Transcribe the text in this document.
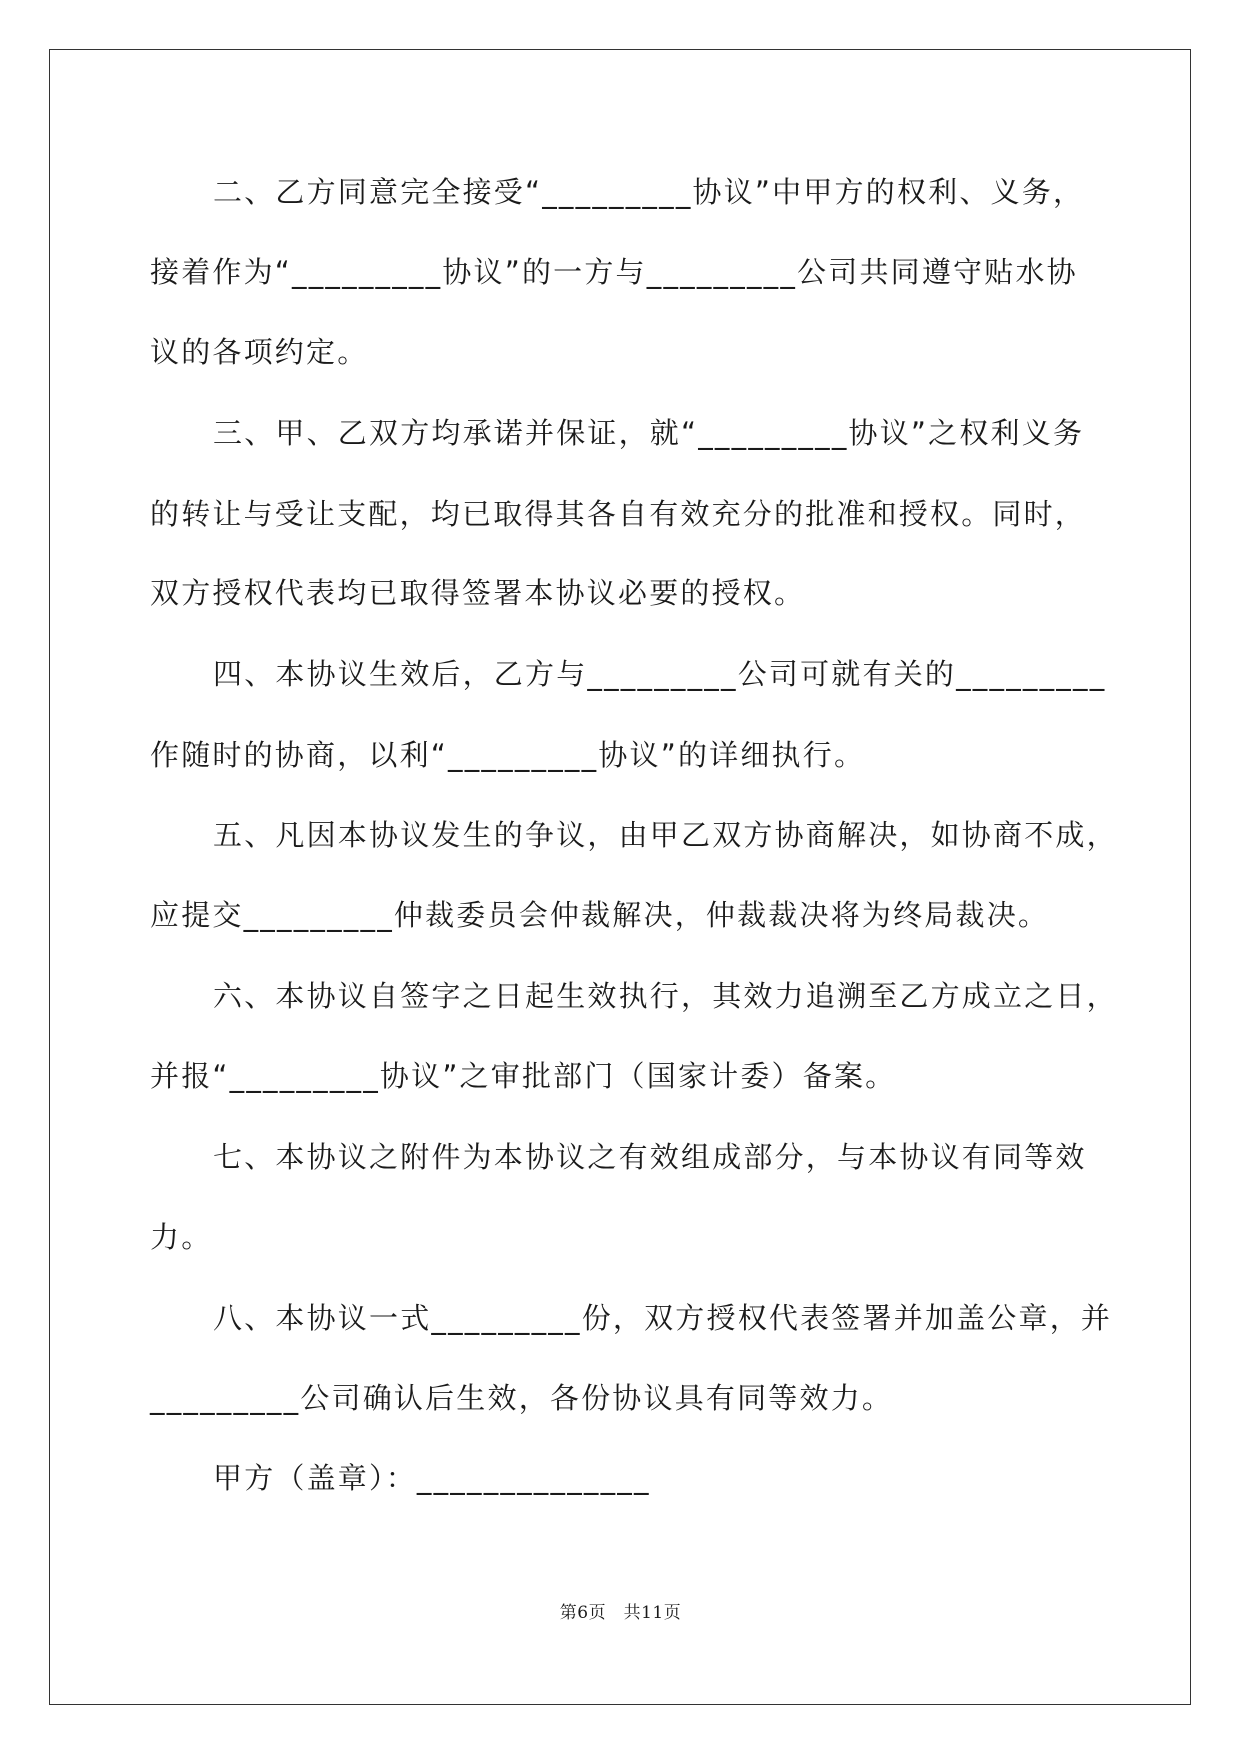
二、乙方同意完全接受“_________协议”中甲方的权利、义务，
接着作为“_________协议”的一方与_________公司共同遵守贴水协
议的各项约定。
三、甲、乙双方均承诺并保证，就“_________协议”之权利义务
的转让与受让支配，均已取得其各自有效充分的批准和授权。同时，
双方授权代表均已取得签署本协议必要的授权。
四、本协议生效后，乙方与_________公司可就有关的_________
作随时的协商，以利“_________协议”的详细执行。
五、凡因本协议发生的争议，由甲乙双方协商解决，如协商不成，
应提交_________仲裁委员会仲裁解决，仲裁裁决将为终局裁决。
六、本协议自签字之日起生效执行，其效力追溯至乙方成立之日，
并报“_________协议”之审批部门（国家计委）备案。
七、本协议之附件为本协议之有效组成部分，与本协议有同等效
力。
八、本协议一式_________份，双方授权代表签署并加盖公章，并
_________公司确认后生效，各份协议具有同等效力。
甲方（盖章）：______________
第6页　共11页
